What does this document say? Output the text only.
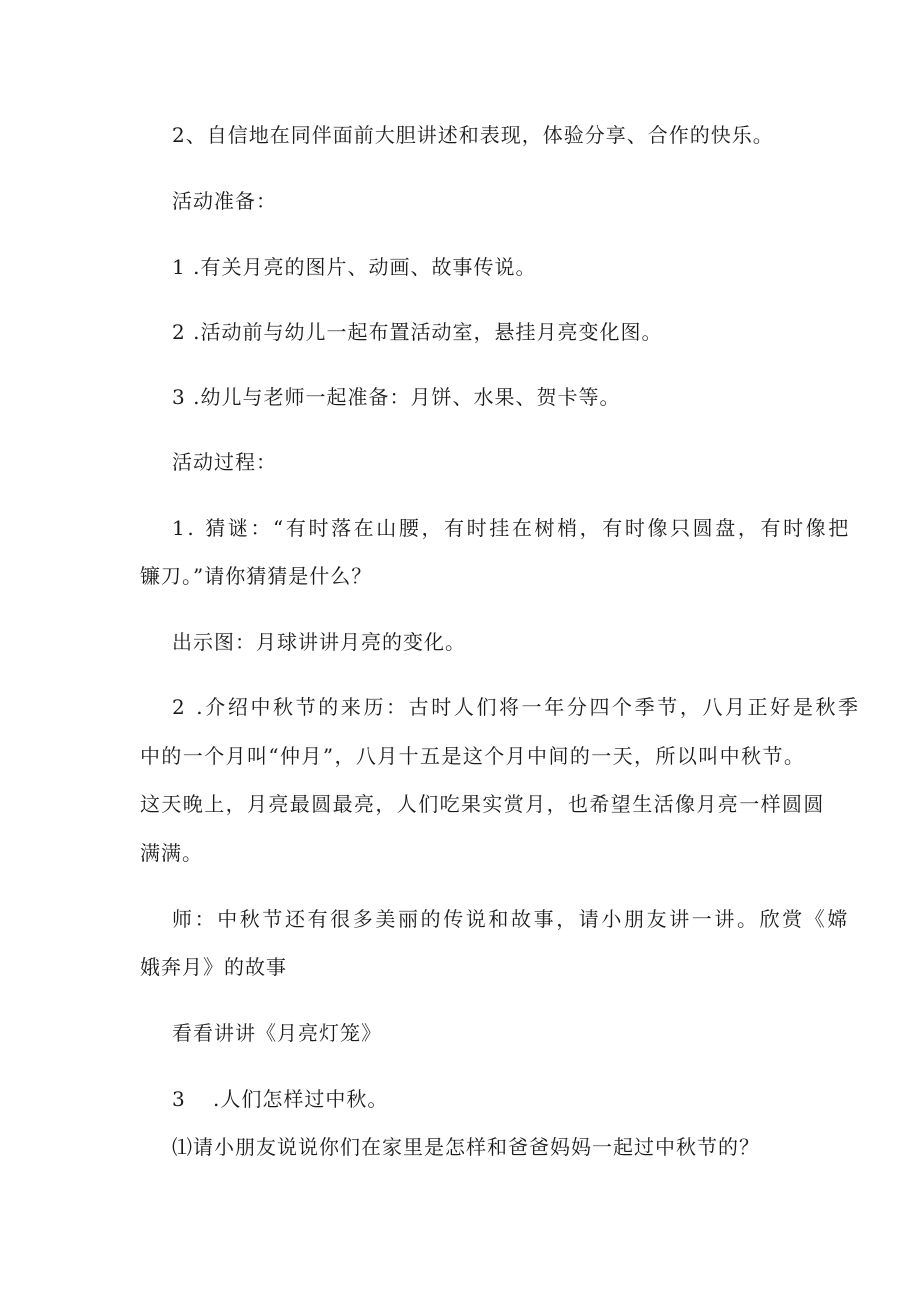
2、自信地在同伴面前大胆讲述和表现，体验分享、合作的快乐。
活动准备：
1 .有关月亮的图片、动画、故事传说。
2 .活动前与幼儿一起布置活动室，悬挂月亮变化图。
3 .幼儿与老师一起准备：月饼、水果、贺卡等。
活动过程：
1. 猜谜：“有时落在山腰，有时挂在树梢，有时像只圆盘，有时像把
镰刀。”请你猜猜是什么？
出示图：月球讲讲月亮的变化。
2 .介绍中秋节的来历：古时人们将一年分四个季节，八月正好是秋季
中的一个月叫“仲月”，八月十五是这个月中间的一天，所以叫中秋节。
这天晚上，月亮最圆最亮，人们吃果实赏月，也希望生活像月亮一样圆圆
满满。
师：中秋节还有很多美丽的传说和故事，请小朋友讲一讲。欣赏《嫦
娥奔月》的故事
看看讲讲《月亮灯笼》
3 .人们怎样过中秋。
⑴请小朋友说说你们在家里是怎样和爸爸妈妈一起过中秋节的？
